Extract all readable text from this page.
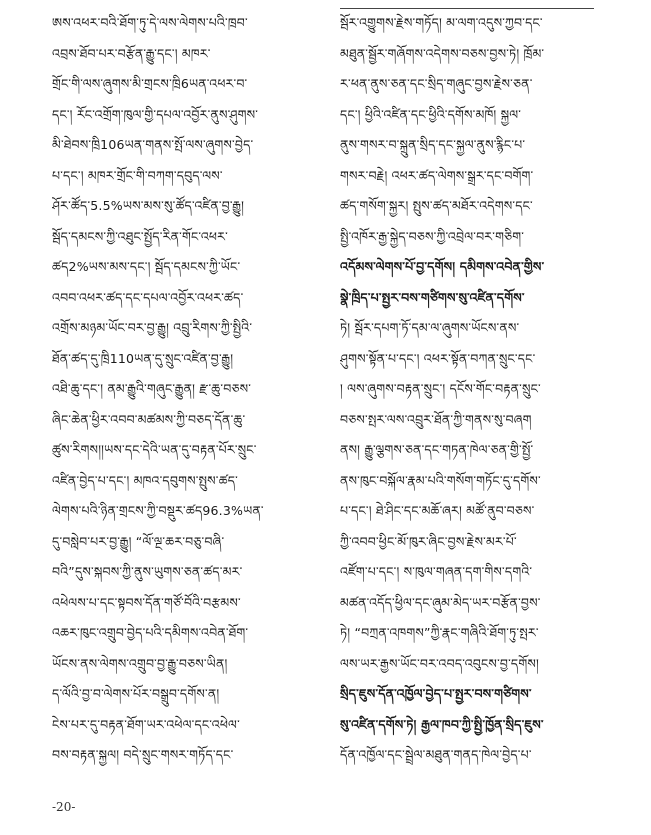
ཨས་འཕར་བའི་ཐོག་ཏུ་དེ་ལས་ལེགས་པའི་ཁྲབ་
འབྲས་ཐོབ་པར་བརྩོན་རྒྱུ་དང་། མཁར་
གྲོང་གི་ལས་ཞུགས་མི་གྲངས་ཁྲི6ཡན་འཕར་བ་
དང་། རོང་འགྲོག་ཁུལ་གྱི་དཔལ་འབྱོར་ནུས་ཤུགས་
མི་ཐེབས་ཁྲི106ཡན་གནས་སྤོ་ལས་ཞུགས་བྱེད་
པ་དང་། མཁར་གྲོང་གི་བཀག་དབུད་ལས་
ཤོར་ཚོད་5.5%ཡས་མས་སུ་ཚོད་འཛིན་བྱ་རྒྱུ།
སྦོད་དམངས་ཀྱི་འཐུང་སྤྱོད་རིན་གོང་འཕར་
ཚད2%ཡས་མས་དང་། སྦོད་དམངས་ཀྱི་ཡོང་
འབབ་འཕར་ཚད་དང་དཔལ་འབྱོར་འཕར་ཚད་
འགྲོས་མཉམ་ཡོང་བར་བྱ་རྒྱུ། འབྲུ་རིགས་ཀྱི་སྤྱིའི་
ཐོན་ཚད་དུ་ཁྲི110ཡན་དུ་སྲུང་འཛིན་བྱ་རྒྱུ།
འཐི་ཆུ་དང་། ནམ་རྒྱུའི་གཞུང་རྒྱུན། རྫ་ཆུ་བཅས་
ཞིང་ཆེན་ཕྱིར་འབབ་མཚམས་ཀྱི་བཅད་དོན་ཆུ་
ཚུས་རིགས།།ཡས་དང་དེའི་ཡན་དུ་བརྟན་པོར་སྲུང་
འཛིན་བྱེད་པ་དང་། མཁའ་དབུགས་སྤུས་ཚད་
ལེགས་པའི་ཉིན་གྲངས་ཀྱི་བསྡུར་ཚད96.3%ཡན་
དུ་བསླེབ་པར་བྱ་རྒྱུ། “ལོ་ལྔ་ཆར་བཅུ་བཞི་
བའི”དུས་སྐབས་ཀྱི་ནུས་ཡུགས་ཅན་ཚད་མར་
འཕེལས་པ་དང་སྟབས་དོན་གཙོ་བོའི་བརྩམས་
འཆར་ཁུང་འགྲུབ་བྱེད་པའི་དམིགས་འབེན་ཐོག་
ཡོངས་ནས་ལེགས་འགྲུབ་བྱ་རྒྱུ་བཅས་ཡིན།
ད་ལོའི་བྱ་བ་ལེགས་པོར་བསྒྲུབ་དགོས་ན།
ངེས་པར་དུ་བརྟན་ཐོག་ཡར་འཕེལ་དང་འཕེལ་
བས་བརྟན་སྐྱལ། བདེ་སྲུང་གསར་གཏོད་དང་
སྦོར་འགྱུགས་རྗེས་གཏོད། མ་ལག་འདུས་ཀྱབ་དང་
མཐུན་སྦྱོར་གཞོགས་འདེགས་བཅས་བྱས་ཏེ། ཁྲོམ་
ར་ཕན་ནུས་ཅན་དང་སྲིད་གཞུང་བྱས་རྗེས་ཅན་
དང་། ཕྱིའི་འཛིན་དང་ཕྱིའི་དགོས་མཁོ། སྐྱལ་
ནུས་གསར་བ་སྐྲུན་སྲིད་དང་སྐྱལ་ནུས་རྙིང་པ་
གསར་བརྗེ། འཕར་ཚད་ལེགས་སྒྲར་དང་བགོག་
ཚད་གསོག་སྐྱར། སྤུས་ཚད་མཐོར་འདེགས་དང་
སྤྱི་འཁོར་རྒྱ་སྐྱེད་བཅས་ཀྱི་འབྲེལ་བར་གཅིག་
འདོམས་ལེགས་པོ་བྱ་དགོས། དམིགས་འབེན་གྱིས་
སྣེ་ཁྲིད་པ་སྤྱར་བས་གཙིགས་སུ་འཛིན་དགོས་
ཏེ། སྦོར་དཔག་ཏོ་དམ་ལ་ཞུགས་ཡོངས་ནས་
ཤུགས་སྟོན་པ་དང་། འཕར་སྟོན་བཀན་སྲུང་དང་
། ལས་ཞུགས་བརྟན་སྲུང་། དངོས་གོང་བརྟན་སྲུང་
བཅས་སྤར་ལས་འབྲུར་ཐོན་ཀྱི་གནས་སུ་བཞག
ནས། རྒྱུ་ལྕགས་ཅན་དང་གཏན་ཁེལ་ཅན་གྱི་སྤྱོ་
ནས་ཁུང་བསྐོལ་རྣམ་པའི་གསོག་གཏོང་དུ་དགོས་
པ་དང་། ཐེ་ཤིང་དང་མཆོ་ཞར། མཚོ་ནུབ་བཅས་
ཀྱི་འབབ་ཕྱིང་མོ་ཁུར་ཞིང་བྱས་རྗེས་མར་པོ་
འཛོག་པ་དང་། ས་ཁུལ་གཞན་དག་གིས་དགའི་
མཚན་འདོད་ཕྱིལ་དང་ཞུམ་མེད་ཡར་བརྩོན་བྱས་
ཏེ། “བཀྲན་འཁགས”ཀྱི་རྣང་གཞིའི་ཐོག་ཏུ་སྤར་
ལས་ཡར་རྒྱས་ཡོང་བར་འབད་འབུངས་བྱ་དགོས།
སྲིད་ཇུས་དོན་འཁྱོལ་བྱེད་པ་སྤྱར་བས་གཙིགས་
སུ་འཛིན་དགོས་ཏེ། རྒྱལ་ཁབ་ཀྱི་སྤྱི་ཁྱོན་སྲིད་ཇུས་
དོན་འཁྱོལ་དང་སྦྲེལ་མཐུན་གནད་ཁེལ་བྱེད་པ་
-20-
